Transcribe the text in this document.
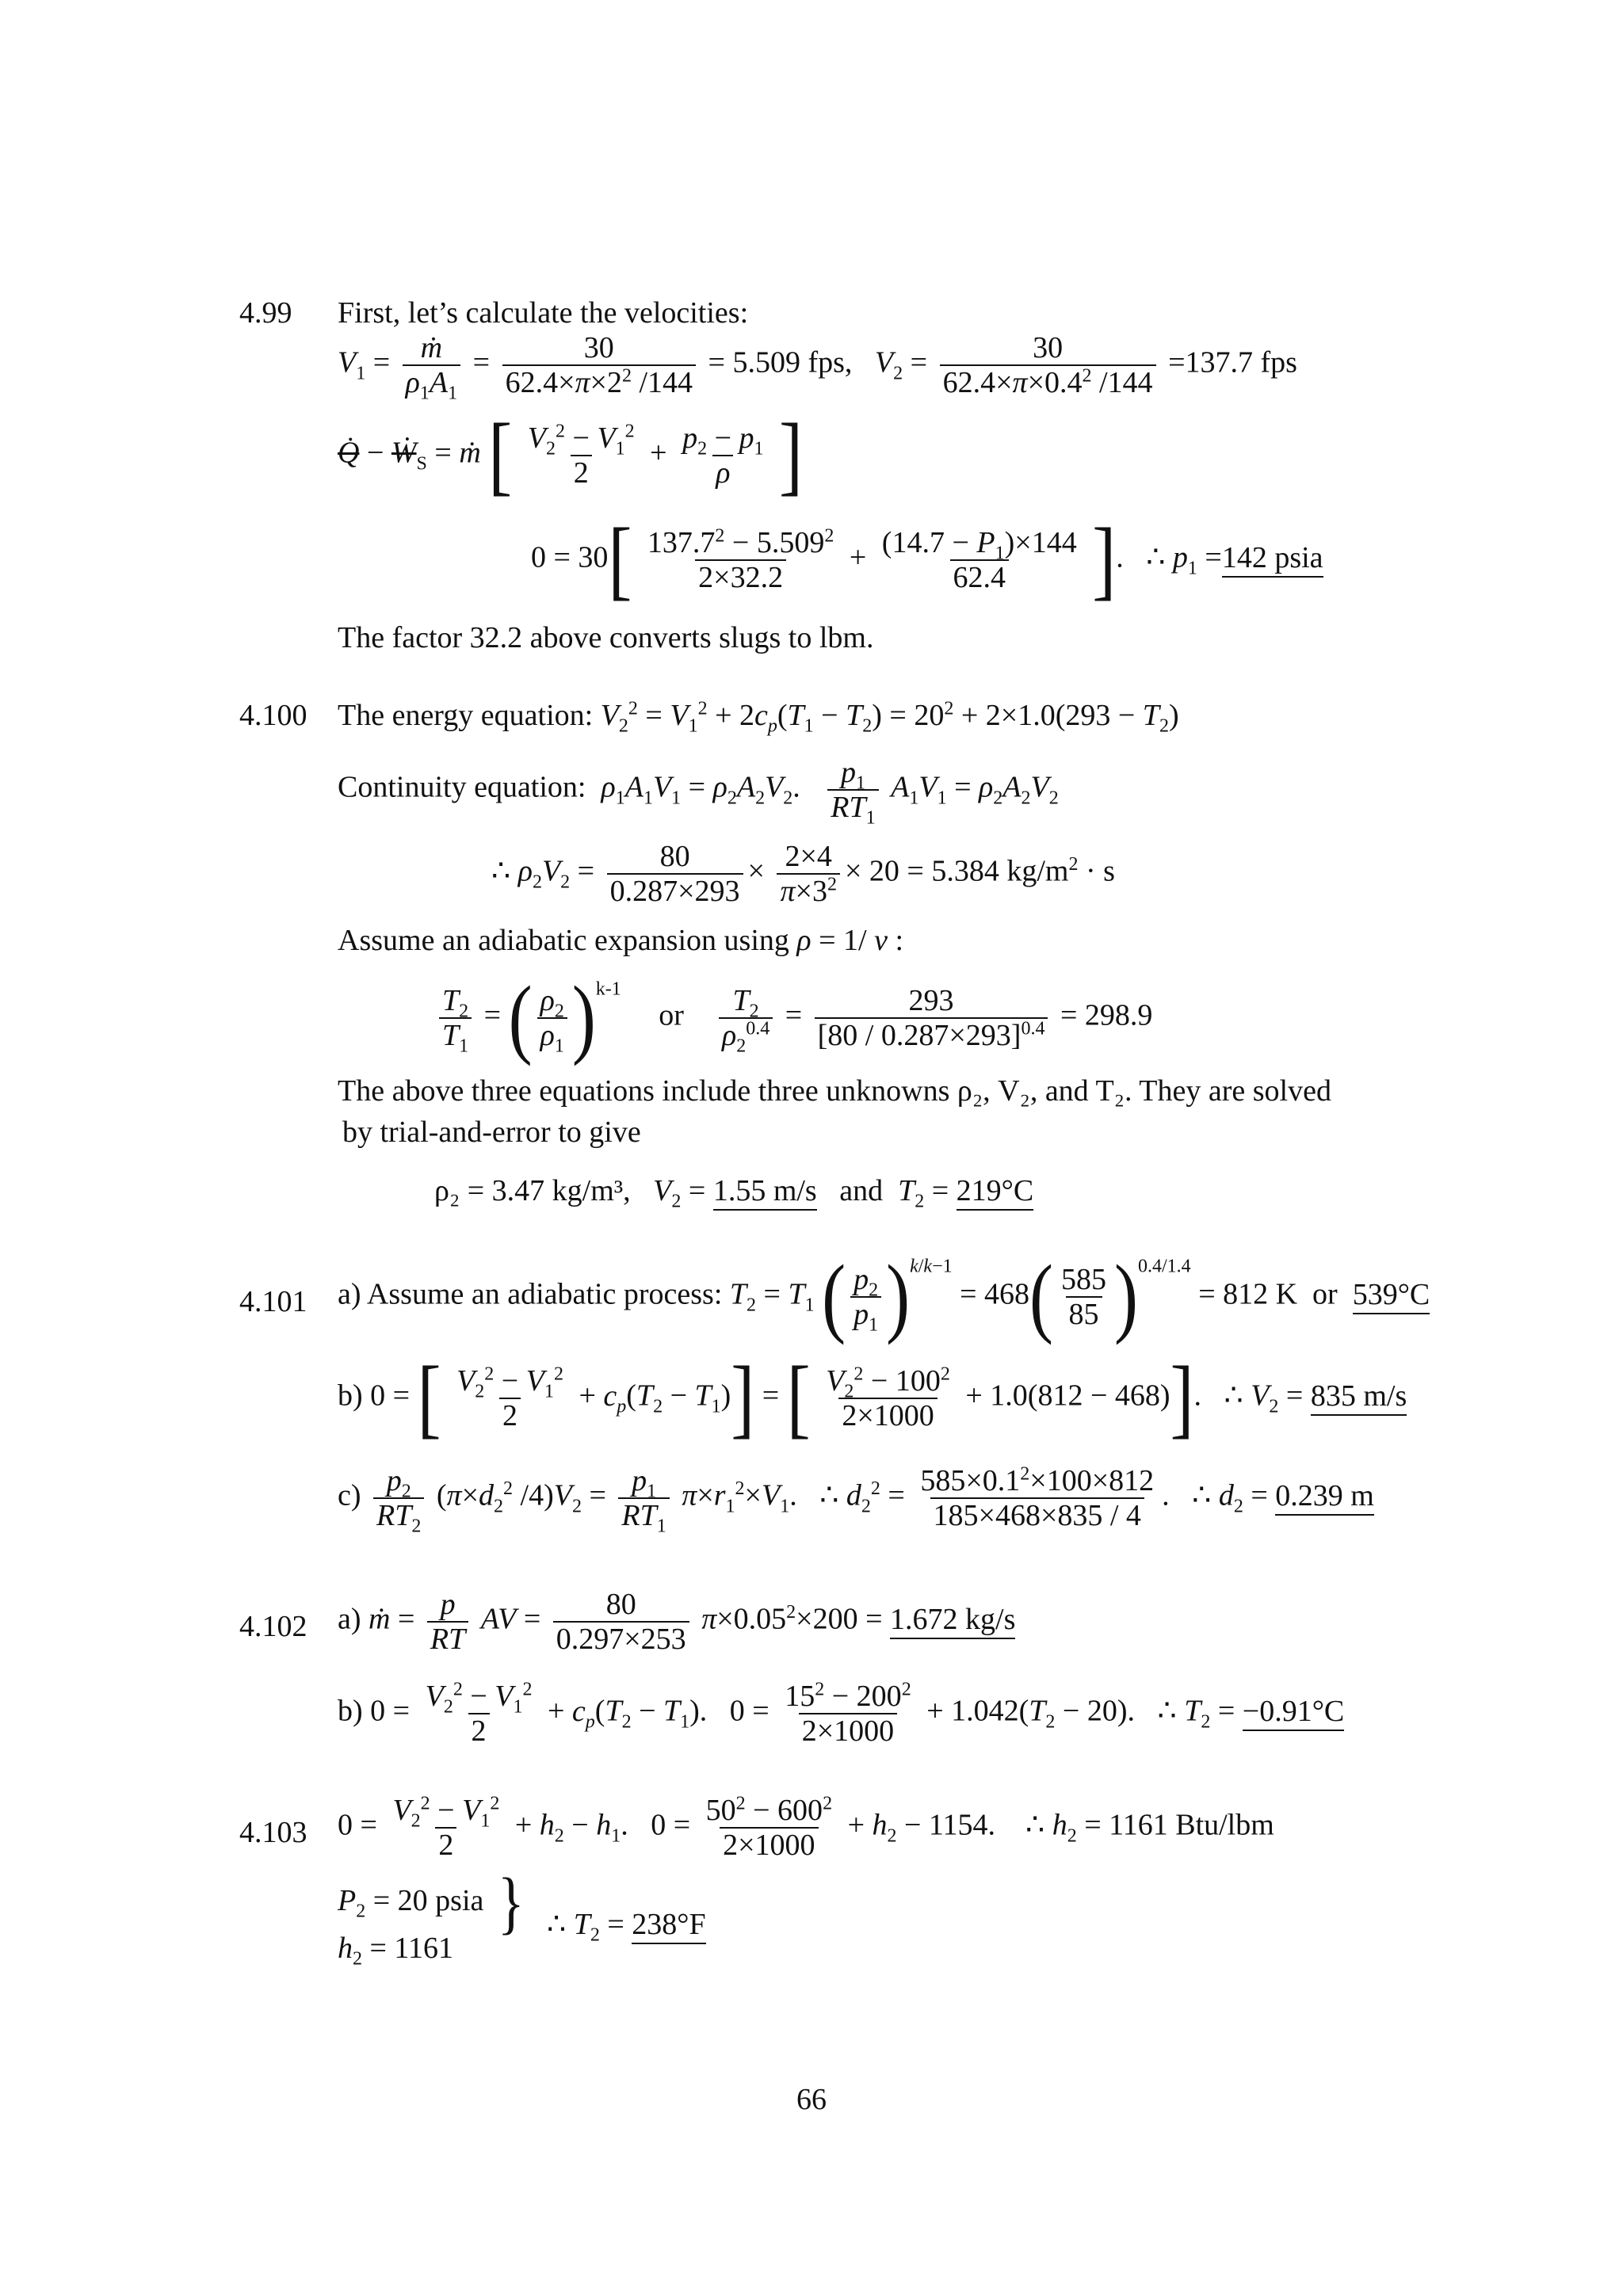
4.99 First, let’s calculate the velocities:
$V_1 = \frac{\text{ṁ}}{\rho_1A_1} = \frac{30}{62.4\times\pi\times 2^2 /144} = 5.509$ fps,   $V_2 = \frac{30}{62.4\times\pi\times 0.4^2 /144} =137.7$ fps
Q̇ − Ẇ$_S$ = ṁ [ $\frac{V_2^2 - V_1^2}{2} + \frac{p_2 - p_1}{\rho}$ ]
$0 = 30[ \frac{137.7^2 - 5.509^2}{2\times 32.2} + \frac{(14.7 - P_1)\times 144}{62.4}$ ].   ∴ $p_1 =142$ psia
The factor 32.2 above converts slugs to lbm.
4.100 The energy equation: $V_2^2 = V_1^2 + 2c_p(T_1 - T_2) = 20^2 + 2\times 1.0(293 - T_2)$
Continuity equation:  $\rho_1A_1V_1 = \rho_2A_2V_2$. $\frac{p_1}{RT_1} A_1V_1 = \rho_2A_2V_2$
∴ $\rho_2V_2 = \frac{80}{0.287\times 293} \times \frac{2\times 4}{\pi\times 3^2} \times 20 = 5.384$ $kg/m^2 \cdot s$
Assume an adiabatic expansion using ρ = 1/ v :
$\frac{T_2}{T_1}$ = ( $\frac{\rho_2}{\rho_1} )^{k-1}$     or $\frac{T_2}{\rho_2^{0.4}} = \frac{293}{[80 / 0.287\times 293]^{0.4}} = 298.9$
The above three equations include three unknowns ρ₂, V₂, and T₂. They are solved
by trial-and-error to give
ρ₂ = 3.47 kg/m³, $V_2 = 1.55$ m/s   and  $T_2 = 219^\circ C$
4.101 a) Assume an adiabatic process: $T_2 = T_1$ ( $\frac{p_2}{p_1} )^{k/k-1} = 468( \frac{585}{85} )^{0.4/1.4} = 812$ K  or  539°C
b) 0 = [ $\frac{V_2^2 - V_1^2}{2} + c_p(T_2 - T_1)$] = [ $\frac{V_2^2 - 100^2}{2\times 1000} + 1.0(812 - 468)$].   ∴ $V_2 = 835$ m/s
$c) \frac{p_2}{RT_2} (\pi\times d_2^2$ $/4)V_2 = \frac{p_1}{RT_1} \pi\times r_1^2\times V_1$.   ∴ $d_2^2 = \frac{585\times 0.1^2\times 100\times 812}{185\times 468\times 835 / 4}$ .   ∴ $d_2 = 0.239$ m
4.102 a) ṁ = $\frac{p}{RT}$ AV = $\frac{80}{0.297\times 253} \pi\times 0.05^2\times 200 = 1.672$ kg/s
b) $0 = \frac{V_2^2 - V_1^2}{2} + c_p(T_2 - T_1)$.   $0 = \frac{15^2 - 200^2}{2\times 1000} + 1.042(T_2 - 20)$.   ∴ $T_2 = -0.91^\circ C$
4.103 $0 = \frac{V_2^2 - V_1^2}{2} + h_2 - h_1$.   $0 = \frac{50^2 - 600^2}{2\times 1000} + h_2 - 1154$.    ∴ $h_2 = 1161$ Btu/lbm
$P_2 = 20$ psia
$h_2 = 1161$
} ∴ $T_2 = 238^\circ F$
66
